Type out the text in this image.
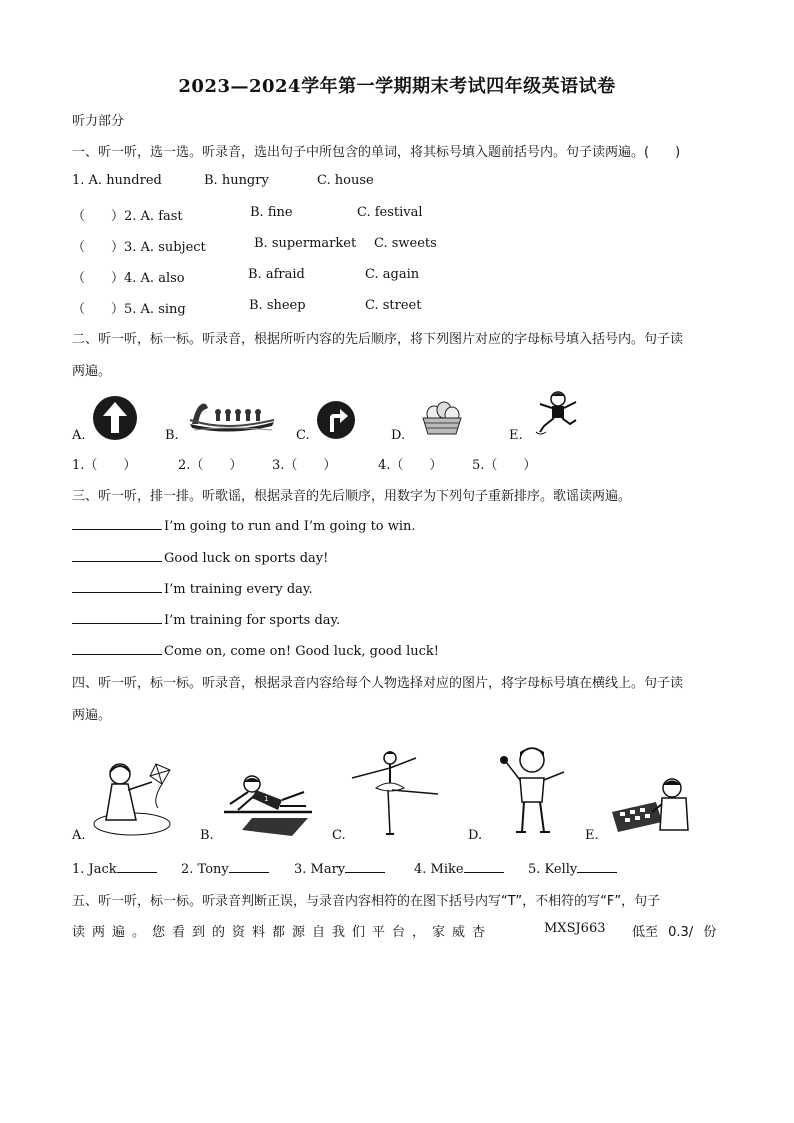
2023—2024学年第一学期期末考试四年级英语试卷
听力部分
一、听一听，选一选。听录音，选出句子中所包含的单词，将其标号填入题前括号内。句子读两遍。(　　)
1. A. hundred	B. hungry	C. house
（　　）2. A. fast	B. fine	C. festival
（　　）3. A. subject	B. supermarket C. sweets
（　　）4. A. also	B. afraid	C. again
（　　）5. A. sing	B. sheep	C. street
二、听一听，标一标。听录音，根据所听内容的先后顺序，将下列图片对应的字母标号填入括号内。句子读
两遍。
A.	B.	C.	D.	E.
1.（　　）	2.（　　） 3.（　　）	4.（　　） 5.（　　）
三、听一听，排一排。听歌谣，根据录音的先后顺序，用数字为下列句子重新排序。歌谣读两遍。
I’m going to run and I’m going to win.
Good luck on sports day!
I’m training every day.
I’m training for sports day.
Come on, come on! Good luck, good luck!
四、听一听，标一标。听录音，根据录音内容给每个人物选择对应的图片，将字母标号填在横线上。句子读
两遍。
A.	B.
1
C.	D.	E.
1. Jack	2. Tony	3. Mary	4. Mike	5. Kelly
五、听一听，标一标。听录音判断正误，与录音内容相符的在图下括号内写“T”，不相符的写“F”，句子
读两遍。您看到的资料都源自我们平台，家威杏	MXSJ663 低至 0.3/ 份
